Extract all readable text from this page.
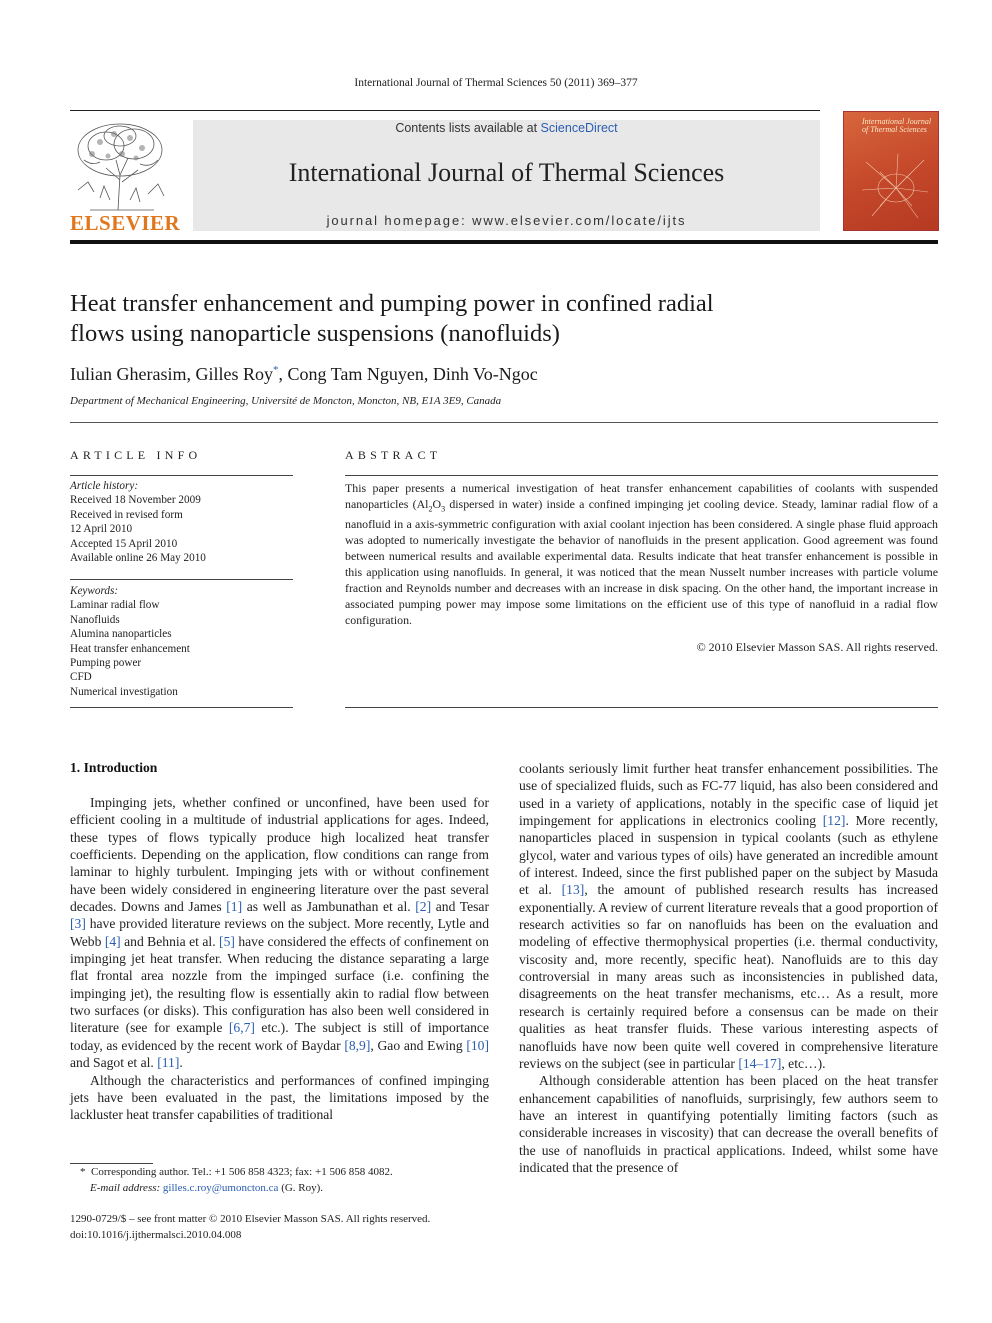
International Journal of Thermal Sciences 50 (2011) 369–377
ELSEVIER
Contents lists available at ScienceDirect
International Journal of Thermal Sciences
journal homepage: www.elsevier.com/locate/ijts
International Journal of Thermal Sciences
Heat transfer enhancement and pumping power in confined radial
flows using nanoparticle suspensions (nanofluids)
Iulian Gherasim, Gilles Roy*, Cong Tam Nguyen, Dinh Vo-Ngoc
Department of Mechanical Engineering, Université de Moncton, Moncton, NB, E1A 3E9, Canada
ARTICLE INFO
Article history:
Received 18 November 2009
Received in revised form
12 April 2010
Accepted 15 April 2010
Available online 26 May 2010
Keywords:
Laminar radial flow
Nanofluids
Alumina nanoparticles
Heat transfer enhancement
Pumping power
CFD
Numerical investigation
ABSTRACT
This paper presents a numerical investigation of heat transfer enhancement capabilities of coolants with suspended nanoparticles ($Al_2O_3$ dispersed in water) inside a confined impinging jet cooling device. Steady, laminar radial flow of a nanofluid in a axis-symmetric configuration with axial coolant injection has been considered. A single phase fluid approach was adopted to numerically investigate the behavior of nanofluids in the present application. Good agreement was found between numerical results and available experimental data. Results indicate that heat transfer enhancement is possible in this application using nanofluids. In general, it was noticed that the mean Nusselt number increases with particle volume fraction and Reynolds number and decreases with an increase in disk spacing. On the other hand, the important increase in associated pumping power may impose some limitations on the efficient use of this type of nanofluid in a radial flow configuration.
© 2010 Elsevier Masson SAS. All rights reserved.
1. Introduction

Impinging jets, whether confined or unconfined, have been used for efficient cooling in a multitude of industrial applications for ages. Indeed, these types of flows typically produce high localized heat transfer coefficients. Depending on the application, flow conditions can range from laminar to highly turbulent. Impinging jets with or without confinement have been widely considered in engineering literature over the past several decades. Downs and James [1] as well as Jambunathan et al. [2] and Tesar [3] have provided literature reviews on the subject. More recently, Lytle and Webb [4] and Behnia et al. [5] have considered the effects of confinement on impinging jet heat transfer. When reducing the distance separating a large flat frontal area nozzle from the impinged surface (i.e. confining the impinging jet), the resulting flow is essentially akin to radial flow between two surfaces (or disks). This configuration has also been well considered in literature (see for example [6,7] etc.). The subject is still of importance today, as evidenced by the recent work of Baydar [8,9], Gao and Ewing [10] and Sagot et al. [11].

Although the characteristics and performances of confined impinging jets have been evaluated in the past, the limitations imposed by the lackluster heat transfer capabilities of traditional

coolants seriously limit further heat transfer enhancement possibilities. The use of specialized fluids, such as FC-77 liquid, has also been considered and used in a variety of applications, notably in the specific case of liquid jet impingement for applications in electronics cooling [12]. More recently, nanoparticles placed in suspension in typical coolants (such as ethylene glycol, water and various types of oils) have generated an incredible amount of interest. Indeed, since the first published paper on the subject by Masuda et al. [13], the amount of published research results has increased exponentially. A review of current literature reveals that a good proportion of research activities so far on nanofluids has been on the evaluation and modeling of effective thermophysical properties (i.e. thermal conductivity, viscosity and, more recently, specific heat). Nanofluids are to this day controversial in many areas such as inconsistencies in published data, disagreements on the heat transfer mechanisms, etc… As a result, more research is certainly required before a consensus can be made on their qualities as heat transfer fluids. These various interesting aspects of nanofluids have now been quite well covered in comprehensive literature reviews on the subject (see in particular [14–17], etc…).

Although considerable attention has been placed on the heat transfer enhancement capabilities of nanofluids, surprisingly, few authors seem to have an interest in quantifying potentially limiting factors (such as considerable increases in viscosity) that can decrease the overall benefits of the use of nanofluids in practical applications. Indeed, whilst some have indicated that the presence of

* Corresponding author. Tel.: +1 506 858 4323; fax: +1 506 858 4082.
E-mail address: gilles.c.roy@umoncton.ca (G. Roy).
1290-0729/$ – see front matter © 2010 Elsevier Masson SAS. All rights reserved.
doi:10.1016/j.ijthermalsci.2010.04.008
